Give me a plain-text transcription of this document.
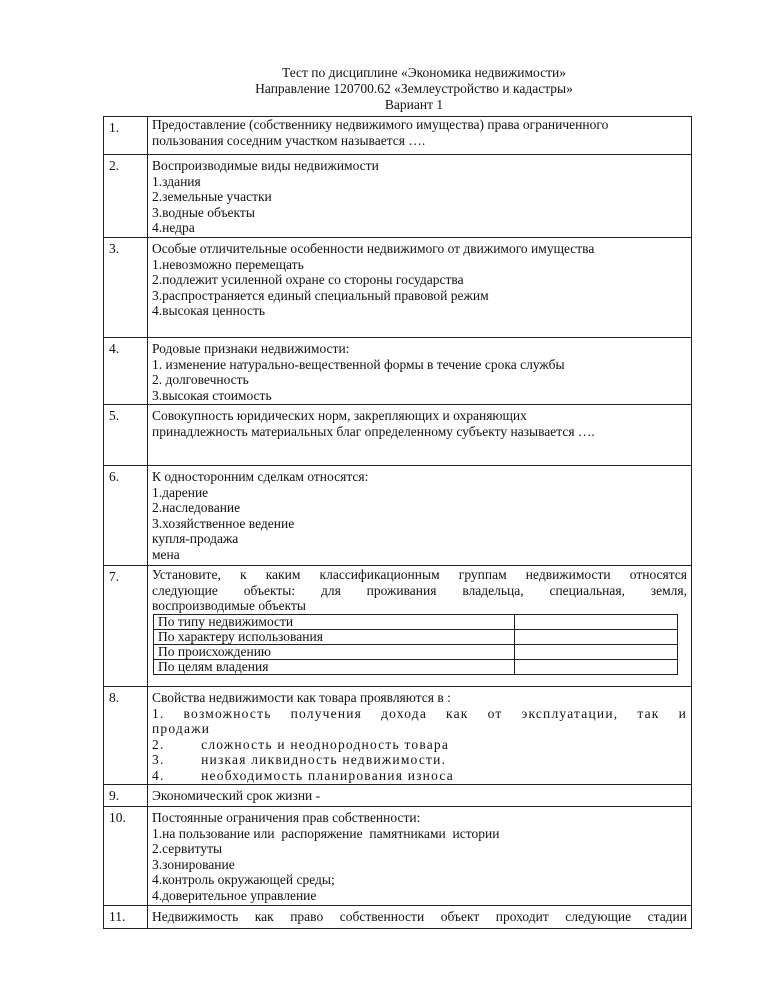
Тест по дисциплине «Экономика недвижимости»
Направление 120700.62 «Землеустройство и кадастры»
Вариант 1
1.	Предоставление (собственнику недвижимого имущества) права ограниченного
пользования соседним участком называется ….
2.	Воспроизводимые виды недвижимости
1.здания
2.земельные участки
3.водные объекты
4.недра
3.	Особые отличительные особенности недвижимого от движимого имущества
1.невозможно перемещать
2.подлежит усиленной охране со стороны государства
3.распространяется единый специальный правовой режим
4.высокая ценность
4.	Родовые признаки недвижимости:
1. изменение натурально-вещественной формы в течение срока службы
2. долговечность
3.высокая стоимость
5.	Совокупность юридических норм, закрепляющих и охраняющих
принадлежность материальных благ определенному субъекту называется ….
6.	К односторонним сделкам относятся:
1.дарение
2.наследование
3.хозяйственное ведение
купля-продажа
мена
7.	Установите, к каким классификационным группам недвижимости относятся
следующие объекты: для проживания владельца, специальная, земля,
воспроизводимые объекты
По типу недвижимости	
По характеру использования	
По происхождению	
По целям владения	
8.	Свойства недвижимости как товара проявляются в :
1. возможность получения дохода как от эксплуатации, так и
продажи
2.        сложность и неоднородность товара
3.        низкая ликвидность недвижимости.
4.        необходимость планирования износа
9.	Экономический срок жизни -
10.	Постоянные ограничения прав собственности:
1.на пользование или  распоряжение  памятниками  истории
2.сервитуты
3.зонирование
4.контроль окружающей среды;
4.доверительное управление
11.	Недвижимость как право собственности объект проходит следующие стадии
